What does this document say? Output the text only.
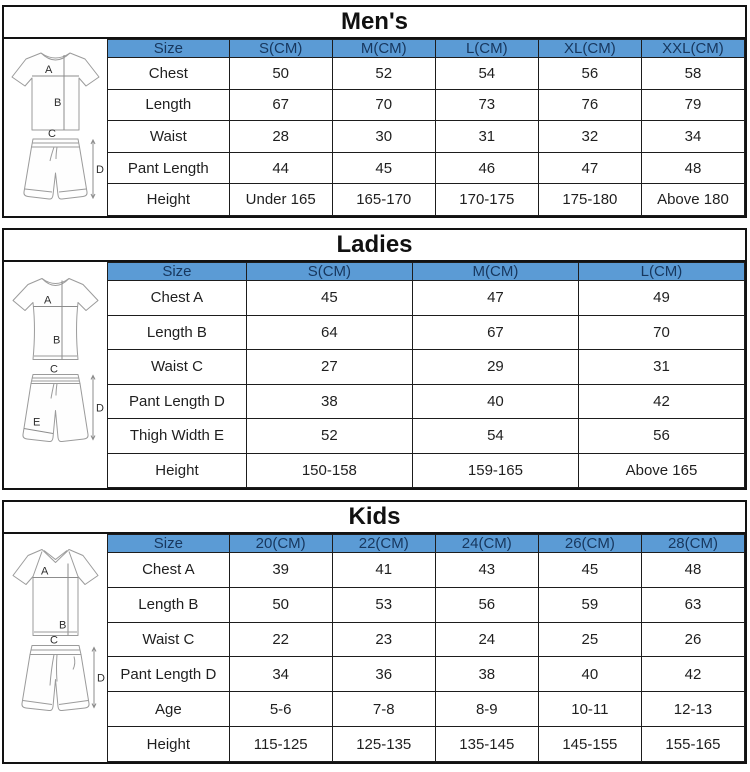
Men's
A
B
C
D
Size	S(CM)	M(CM)	L(CM)	XL(CM)	XXL(CM)
Chest	50	52	54	56	58
Length	67	70	73	76	79
Waist	28	30	31	32	34
Pant Length	44	45	46	47	48
Height	Under 165	165-170	170-175	175-180	Above 180
Ladies
A
B
C
D
E
Size	S(CM)	M(CM)	L(CM)
Chest A	45	47	49
Length B	64	67	70
Waist C	27	29	31
Pant Length D	38	40	42
Thigh Width E	52	54	56
Height	150-158	159-165	Above 165
Kids
A
B
C
D
Size	20(CM)	22(CM)	24(CM)	26(CM)	28(CM)
Chest A	39	41	43	45	48
Length B	50	53	56	59	63
Waist C	22	23	24	25	26
Pant Length D	34	36	38	40	42
Age	5-6	7-8	8-9	10-11	12-13
Height	115-125	125-135	135-145	145-155	155-165
